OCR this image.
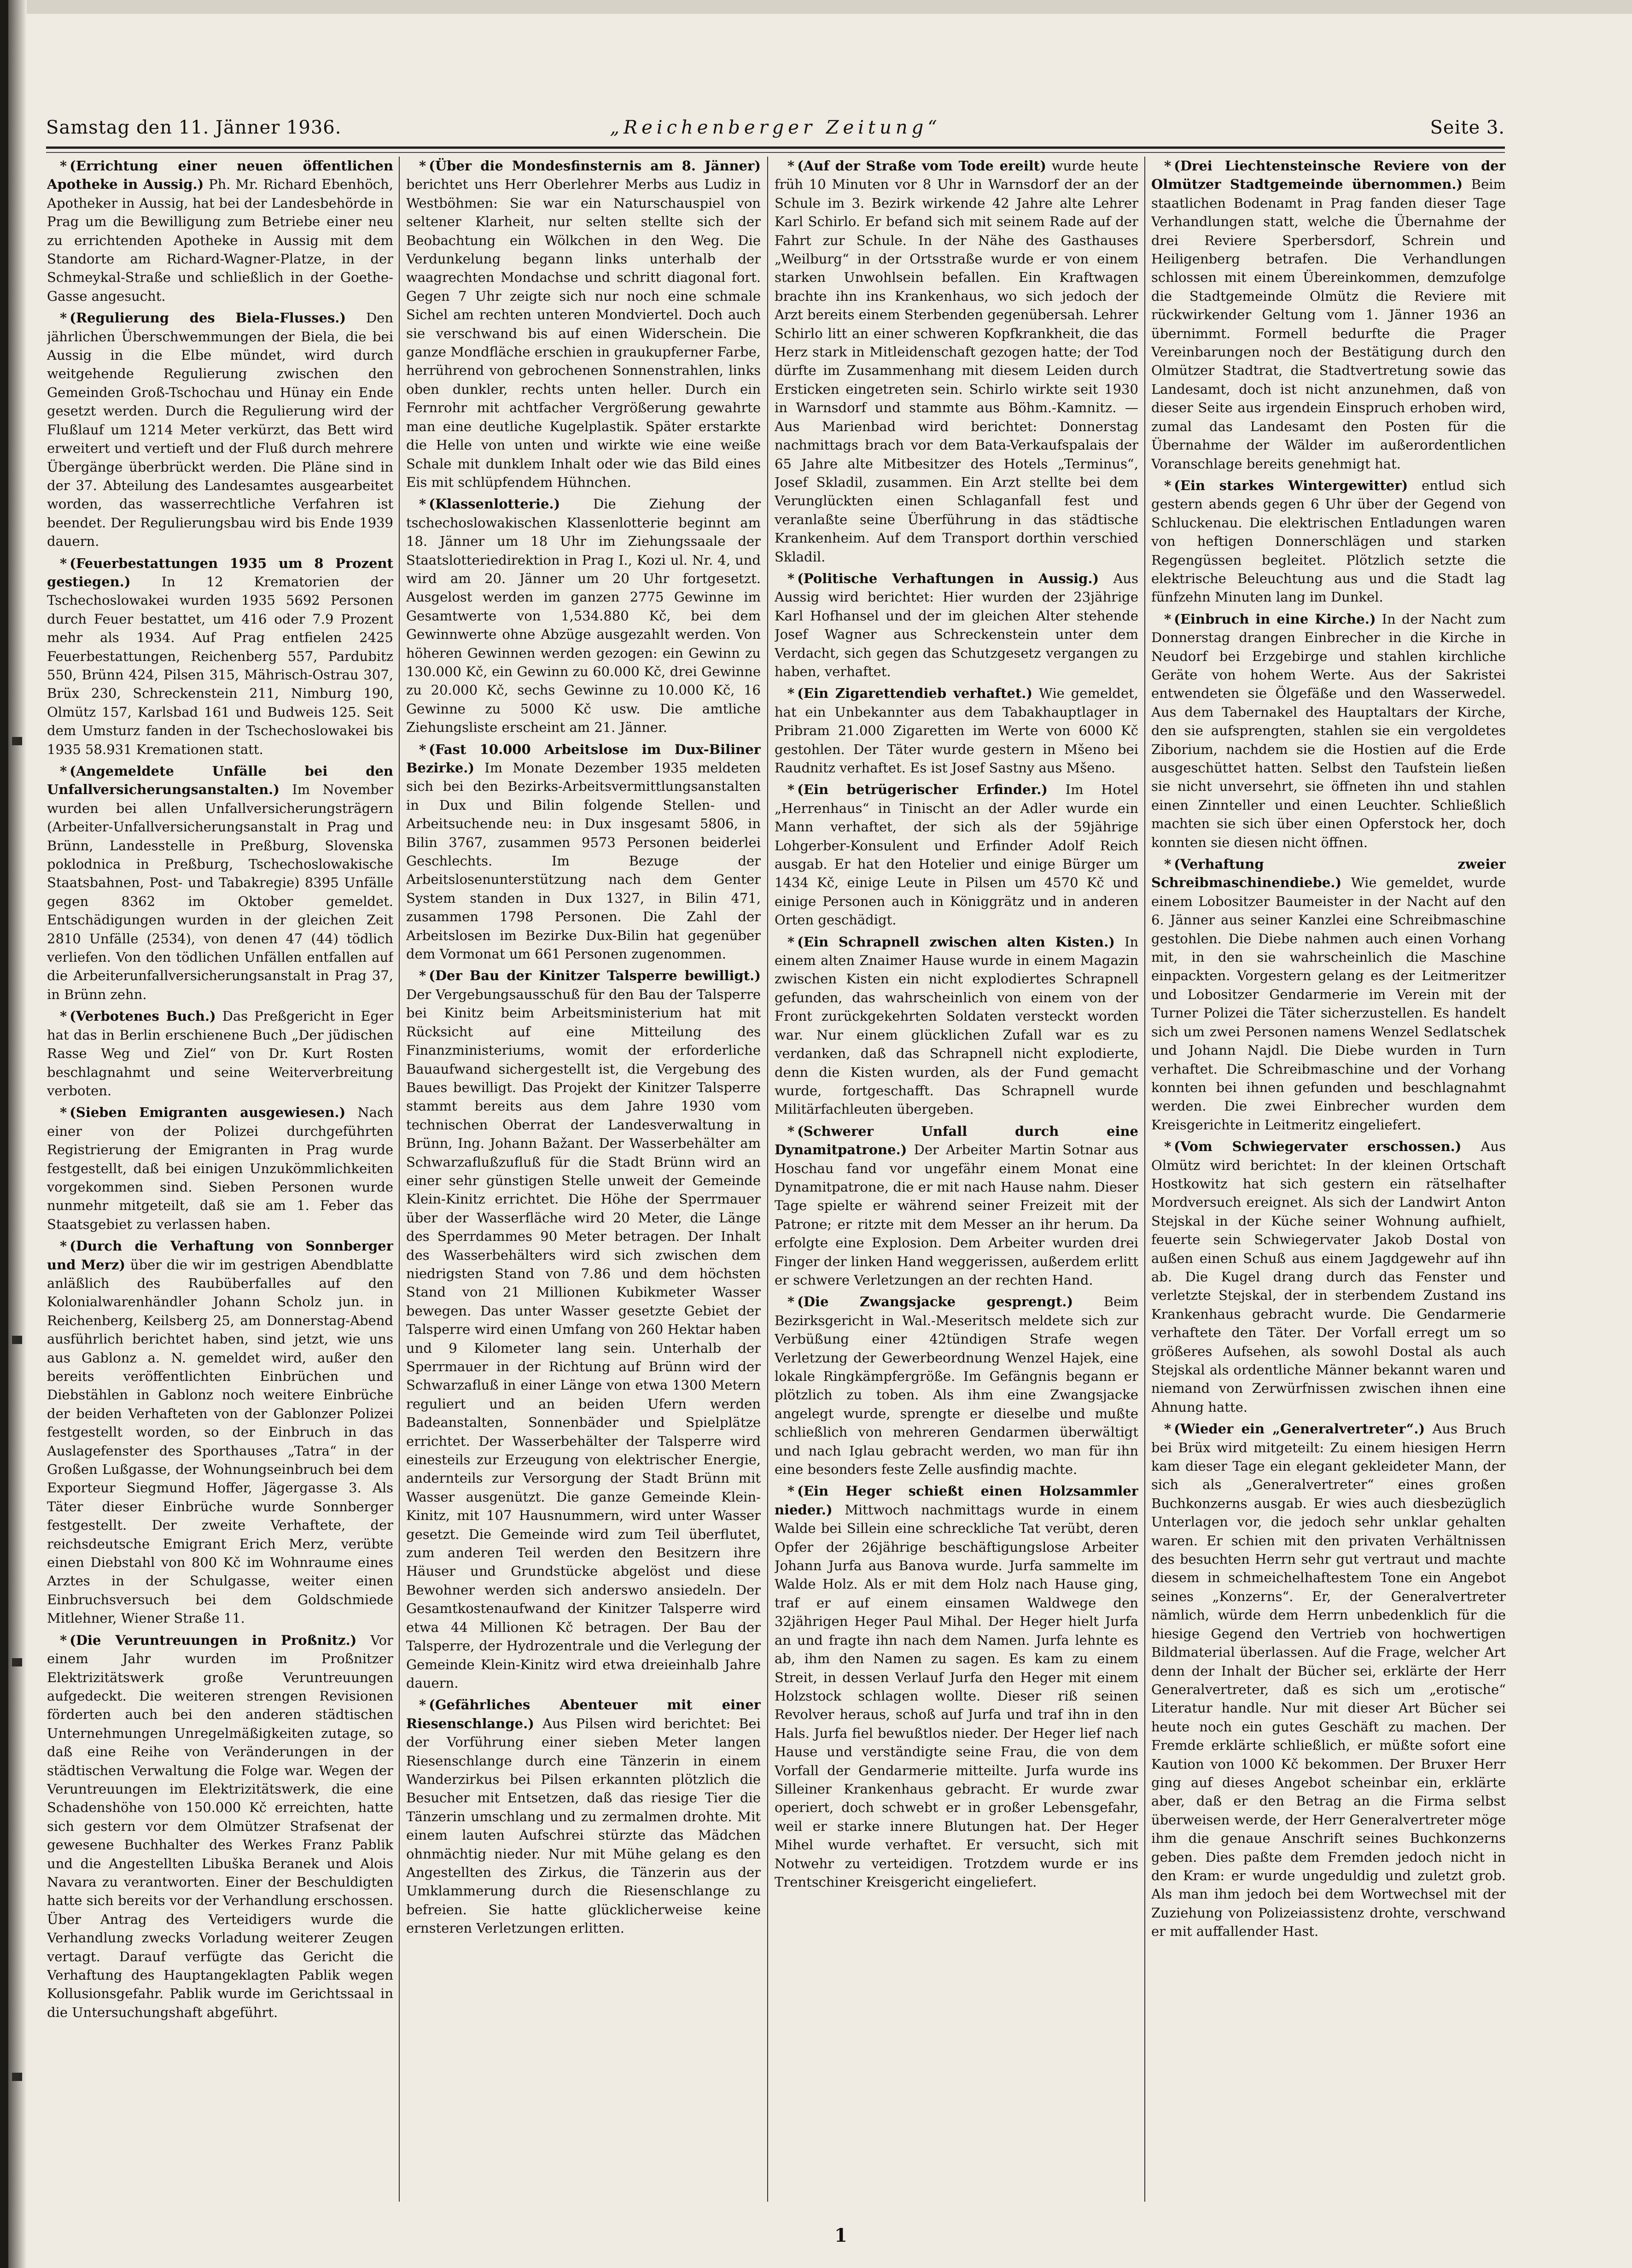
Samstag den 11. Jänner 1936.	„Reichenberger Zeitung“	Seite 3.

* (Errichtung einer neuen öffentlichen Apotheke in Aussig.) Ph. Mr. Richard Ebenhöch, Apotheker in Aussig, hat bei der Landesbehörde in Prag um die Bewilligung zum Betriebe einer neu zu errichtenden Apotheke in Aussig mit dem Standorte am Richard-Wagner-Platze, in der Schmeykal-Straße und schließlich in der Goethe-Gasse angesucht.

* (Regulierung des Biela-Flusses.) Den jährlichen Überschwemmungen der Biela, die bei Aussig in die Elbe mündet, wird durch weitgehende Regulierung zwischen den Gemeinden Groß-Tschochau und Hünay ein Ende gesetzt werden. Durch die Regulierung wird der Flußlauf um 1214 Meter verkürzt, das Bett wird erweitert und vertieft und der Fluß durch mehrere Übergänge überbrückt werden. Die Pläne sind in der 37. Abteilung des Landesamtes ausgearbeitet worden, das wasserrechtliche Verfahren ist beendet. Der Regulierungsbau wird bis Ende 1939 dauern.

* (Feuerbestattungen 1935 um 8 Prozent gestiegen.) In 12 Krematorien der Tschechoslowakei wurden 1935 5692 Personen durch Feuer bestattet, um 416 oder 7.9 Prozent mehr als 1934. Auf Prag entfielen 2425 Feuerbestattungen, Reichenberg 557, Pardubitz 550, Brünn 424, Pilsen 315, Mährisch-Ostrau 307, Brüx 230, Schreckenstein 211, Nimburg 190, Olmütz 157, Karlsbad 161 und Budweis 125. Seit dem Umsturz fanden in der Tschechoslowakei bis 1935 58.931 Kremationen statt.

* (Angemeldete Unfälle bei den Unfallversicherungsanstalten.) Im November wurden bei allen Unfallversicherungsträgern (Arbeiter-Unfallversicherungsanstalt in Prag und Brünn, Landesstelle in Preßburg, Slovenska poklodnica in Preßburg, Tschechoslowakische Staatsbahnen, Post- und Tabakregie) 8395 Unfälle gegen 8362 im Oktober gemeldet. Entschädigungen wurden in der gleichen Zeit 2810 Unfälle (2534), von denen 47 (44) tödlich verliefen. Von den tödlichen Unfällen entfallen auf die Arbeiterunfallversicherungsanstalt in Prag 37, in Brünn zehn.

* (Verbotenes Buch.) Das Preßgericht in Eger hat das in Berlin erschienene Buch „Der jüdischen Rasse Weg und Ziel“ von Dr. Kurt Rosten beschlagnahmt und seine Weiterverbreitung verboten.

* (Sieben Emigranten ausgewiesen.) Nach einer von der Polizei durchgeführten Registrierung der Emigranten in Prag wurde festgestellt, daß bei einigen Unzukömmlichkeiten vorgekommen sind. Sieben Personen wurde nunmehr mitgeteilt, daß sie am 1. Feber das Staatsgebiet zu verlassen haben.

* (Durch die Verhaftung von Sonnberger und Merz) über die wir im gestrigen Abendblatte anläßlich des Raubüberfalles auf den Kolonialwarenhändler Johann Scholz jun. in Reichenberg, Keilsberg 25, am Donnerstag-Abend ausführlich berichtet haben, sind jetzt, wie uns aus Gablonz a. N. gemeldet wird, außer den bereits veröffentlichten Einbrüchen und Diebstählen in Gablonz noch weitere Einbrüche der beiden Verhafteten von der Gablonzer Polizei festgestellt worden, so der Einbruch in das Auslagefenster des Sporthauses „Tatra“ in der Großen Lußgasse, der Wohnungseinbruch bei dem Exporteur Siegmund Hoffer, Jägergasse 3. Als Täter dieser Einbrüche wurde Sonnberger festgestellt. Der zweite Verhaftete, der reichsdeutsche Emigrant Erich Merz, verübte einen Diebstahl von 800 Kč im Wohnraume eines Arztes in der Schulgasse, weiter einen Einbruchsversuch bei dem Goldschmiede Mitlehner, Wiener Straße 11.

* (Die Veruntreuungen in Proßnitz.) Vor einem Jahr wurden im Proßnitzer Elektrizitätswerk große Veruntreuungen aufgedeckt. Die weiteren strengen Revisionen förderten auch bei den anderen städtischen Unternehmungen Unregelmäßigkeiten zutage, so daß eine Reihe von Veränderungen in der städtischen Verwaltung die Folge war. Wegen der Veruntreuungen im Elektrizitätswerk, die eine Schadenshöhe von 150.000 Kč erreichten, hatte sich gestern vor dem Olmützer Strafsenat der gewesene Buchhalter des Werkes Franz Pablik und die Angestellten Libuška Beranek und Alois Navara zu verantworten. Einer der Beschuldigten hatte sich bereits vor der Verhandlung erschossen. Über Antrag des Verteidigers wurde die Verhandlung zwecks Vorladung weiterer Zeugen vertagt. Darauf verfügte das Gericht die Verhaftung des Hauptangeklagten Pablik wegen Kollusionsgefahr. Pablik wurde im Gerichtssaal in die Untersuchungshaft abgeführt.

* (Über die Mondesfinsternis am 8. Jänner) berichtet uns Herr Oberlehrer Merbs aus Ludiz in Westböhmen: Sie war ein Naturschauspiel von seltener Klarheit, nur selten stellte sich der Beobachtung ein Wölkchen in den Weg. Die Verdunkelung begann links unterhalb der waagrechten Mondachse und schritt diagonal fort. Gegen 7 Uhr zeigte sich nur noch eine schmale Sichel am rechten unteren Mondviertel. Doch auch sie verschwand bis auf einen Widerschein. Die ganze Mondfläche erschien in graukupferner Farbe, herrührend von gebrochenen Sonnenstrahlen, links oben dunkler, rechts unten heller. Durch ein Fernrohr mit achtfacher Vergrößerung gewahrte man eine deutliche Kugelplastik. Später erstarkte die Helle von unten und wirkte wie eine weiße Schale mit dunklem Inhalt oder wie das Bild eines Eis mit schlüpfendem Hühnchen.

* (Klassenlotterie.) Die Ziehung der tschechoslowakischen Klassenlotterie beginnt am 18. Jänner um 18 Uhr im Ziehungssaale der Staatslotteriedirektion in Prag I., Kozi ul. Nr. 4, und wird am 20. Jänner um 20 Uhr fortgesetzt. Ausgelost werden im ganzen 2775 Gewinne im Gesamtwerte von 1,534.880 Kč, bei dem Gewinnwerte ohne Abzüge ausgezahlt werden. Von höheren Gewinnen werden gezogen: ein Gewinn zu 130.000 Kč, ein Gewinn zu 60.000 Kč, drei Gewinne zu 20.000 Kč, sechs Gewinne zu 10.000 Kč, 16 Gewinne zu 5000 Kč usw. Die amtliche Ziehungsliste erscheint am 21. Jänner.

* (Fast 10.000 Arbeitslose im Dux-Biliner Bezirke.) Im Monate Dezember 1935 meldeten sich bei den Bezirks-Arbeitsvermittlungsanstalten in Dux und Bilin folgende Stellen- und Arbeitsuchende neu: in Dux insgesamt 5806, in Bilin 3767, zusammen 9573 Personen beiderlei Geschlechts. Im Bezuge der Arbeitslosenunterstützung nach dem Genter System standen in Dux 1327, in Bilin 471, zusammen 1798 Personen. Die Zahl der Arbeitslosen im Bezirke Dux-Bilin hat gegenüber dem Vormonat um 661 Personen zugenommen.

* (Der Bau der Kinitzer Talsperre bewilligt.) Der Vergebungsausschuß für den Bau der Talsperre bei Kinitz beim Arbeitsministerium hat mit Rücksicht auf eine Mitteilung des Finanzministeriums, womit der erforderliche Bauaufwand sichergestellt ist, die Vergebung des Baues bewilligt. Das Projekt der Kinitzer Talsperre stammt bereits aus dem Jahre 1930 vom technischen Oberrat der Landesverwaltung in Brünn, Ing. Johann Bažant. Der Wasserbehälter am Schwarzaflußzufluß für die Stadt Brünn wird an einer sehr günstigen Stelle unweit der Gemeinde Klein-Kinitz errichtet. Die Höhe der Sperrmauer über der Wasserfläche wird 20 Meter, die Länge des Sperrdammes 90 Meter betragen. Der Inhalt des Wasserbehälters wird sich zwischen dem niedrigsten Stand von 7.86 und dem höchsten Stand von 21 Millionen Kubikmeter Wasser bewegen. Das unter Wasser gesetzte Gebiet der Talsperre wird einen Umfang von 260 Hektar haben und 9 Kilometer lang sein. Unterhalb der Sperrmauer in der Richtung auf Brünn wird der Schwarzafluß in einer Länge von etwa 1300 Metern reguliert und an beiden Ufern werden Badeanstalten, Sonnenbäder und Spielplätze errichtet. Der Wasserbehälter der Talsperre wird einesteils zur Erzeugung von elektrischer Energie, andernteils zur Versorgung der Stadt Brünn mit Wasser ausgenützt. Die ganze Gemeinde Klein-Kinitz, mit 107 Hausnummern, wird unter Wasser gesetzt. Die Gemeinde wird zum Teil überflutet, zum anderen Teil werden den Besitzern ihre Häuser und Grundstücke abgelöst und diese Bewohner werden sich anderswo ansiedeln. Der Gesamtkostenaufwand der Kinitzer Talsperre wird etwa 44 Millionen Kč betragen. Der Bau der Talsperre, der Hydrozentrale und die Verlegung der Gemeinde Klein-Kinitz wird etwa dreieinhalb Jahre dauern.

* (Gefährliches Abenteuer mit einer Riesenschlange.) Aus Pilsen wird berichtet: Bei der Vorführung einer sieben Meter langen Riesenschlange durch eine Tänzerin in einem Wanderzirkus bei Pilsen erkannten plötzlich die Besucher mit Entsetzen, daß das riesige Tier die Tänzerin umschlang und zu zermalmen drohte. Mit einem lauten Aufschrei stürzte das Mädchen ohnmächtig nieder. Nur mit Mühe gelang es den Angestellten des Zirkus, die Tänzerin aus der Umklammerung durch die Riesenschlange zu befreien. Sie hatte glücklicherweise keine ernsteren Verletzungen erlitten.

* (Auf der Straße vom Tode ereilt) wurde heute früh 10 Minuten vor 8 Uhr in Warnsdorf der an der Schule im 3. Bezirk wirkende 42 Jahre alte Lehrer Karl Schirlo. Er befand sich mit seinem Rade auf der Fahrt zur Schule. In der Nähe des Gasthauses „Weilburg“ in der Ortsstraße wurde er von einem starken Unwohlsein befallen. Ein Kraftwagen brachte ihn ins Krankenhaus, wo sich jedoch der Arzt bereits einem Sterbenden gegenübersah. Lehrer Schirlo litt an einer schweren Kopfkrankheit, die das Herz stark in Mitleidenschaft gezogen hatte; der Tod dürfte im Zusammenhang mit diesem Leiden durch Ersticken eingetreten sein. Schirlo wirkte seit 1930 in Warnsdorf und stammte aus Böhm.-Kamnitz. — Aus Marienbad wird berichtet: Donnerstag nachmittags brach vor dem Bata-Verkaufspalais der 65 Jahre alte Mitbesitzer des Hotels „Terminus“, Josef Skladil, zusammen. Ein Arzt stellte bei dem Verunglückten einen Schlaganfall fest und veranlaßte seine Überführung in das städtische Krankenheim. Auf dem Transport dorthin verschied Skladil.

* (Politische Verhaftungen in Aussig.) Aus Aussig wird berichtet: Hier wurden der 23jährige Karl Hofhansel und der im gleichen Alter stehende Josef Wagner aus Schreckenstein unter dem Verdacht, sich gegen das Schutzgesetz vergangen zu haben, verhaftet.

* (Ein Zigarettendieb verhaftet.) Wie gemeldet, hat ein Unbekannter aus dem Tabakhauptlager in Pribram 21.000 Zigaretten im Werte von 6000 Kč gestohlen. Der Täter wurde gestern in Mšeno bei Raudnitz verhaftet. Es ist Josef Sastny aus Mšeno.

* (Ein betrügerischer Erfinder.) Im Hotel „Herrenhaus“ in Tinischt an der Adler wurde ein Mann verhaftet, der sich als der 59jährige Lohgerber-Konsulent und Erfinder Adolf Reich ausgab. Er hat den Hotelier und einige Bürger um 1434 Kč, einige Leute in Pilsen um 4570 Kč und einige Personen auch in Königgrätz und in anderen Orten geschädigt.

* (Ein Schrapnell zwischen alten Kisten.) In einem alten Znaimer Hause wurde in einem Magazin zwischen Kisten ein nicht explodiertes Schrapnell gefunden, das wahrscheinlich von einem von der Front zurückgekehrten Soldaten versteckt worden war. Nur einem glücklichen Zufall war es zu verdanken, daß das Schrapnell nicht explodierte, denn die Kisten wurden, als der Fund gemacht wurde, fortgeschafft. Das Schrapnell wurde Militärfachleuten übergeben.

* (Schwerer Unfall durch eine Dynamitpatrone.) Der Arbeiter Martin Sotnar aus Hoschau fand vor ungefähr einem Monat eine Dynamitpatrone, die er mit nach Hause nahm. Dieser Tage spielte er während seiner Freizeit mit der Patrone; er ritzte mit dem Messer an ihr herum. Da erfolgte eine Explosion. Dem Arbeiter wurden drei Finger der linken Hand weggerissen, außerdem erlitt er schwere Verletzungen an der rechten Hand.

* (Die Zwangsjacke gesprengt.) Beim Bezirksgericht in Wal.-Meseritsch meldete sich zur Verbüßung einer 42tündigen Strafe wegen Verletzung der Gewerbeordnung Wenzel Hajek, eine lokale Ringkämpfergröße. Im Gefängnis begann er plötzlich zu toben. Als ihm eine Zwangsjacke angelegt wurde, sprengte er dieselbe und mußte schließlich von mehreren Gendarmen überwältigt und nach Iglau gebracht werden, wo man für ihn eine besonders feste Zelle ausfindig machte.

* (Ein Heger schießt einen Holzsammler nieder.) Mittwoch nachmittags wurde in einem Walde bei Sillein eine schreckliche Tat verübt, deren Opfer der 26jährige beschäftigungslose Arbeiter Johann Jurfa aus Banova wurde. Jurfa sammelte im Walde Holz. Als er mit dem Holz nach Hause ging, traf er auf einem einsamen Waldwege den 32jährigen Heger Paul Mihal. Der Heger hielt Jurfa an und fragte ihn nach dem Namen. Jurfa lehnte es ab, ihm den Namen zu sagen. Es kam zu einem Streit, in dessen Verlauf Jurfa den Heger mit einem Holzstock schlagen wollte. Dieser riß seinen Revolver heraus, schoß auf Jurfa und traf ihn in den Hals. Jurfa fiel bewußtlos nieder. Der Heger lief nach Hause und verständigte seine Frau, die von dem Vorfall der Gendarmerie mitteilte. Jurfa wurde ins Silleiner Krankenhaus gebracht. Er wurde zwar operiert, doch schwebt er in großer Lebensgefahr, weil er starke innere Blutungen hat. Der Heger Mihel wurde verhaftet. Er versucht, sich mit Notwehr zu verteidigen. Trotzdem wurde er ins Trentschiner Kreisgericht eingeliefert.

* (Drei Liechtensteinsche Reviere von der Olmützer Stadtgemeinde übernommen.) Beim staatlichen Bodenamt in Prag fanden dieser Tage Verhandlungen statt, welche die Übernahme der drei Reviere Sperbersdorf, Schrein und Heiligenberg betrafen. Die Verhandlungen schlossen mit einem Übereinkommen, demzufolge die Stadtgemeinde Olmütz die Reviere mit rückwirkender Geltung vom 1. Jänner 1936 an übernimmt. Formell bedurfte die Prager Vereinbarungen noch der Bestätigung durch den Olmützer Stadtrat, die Stadtvertretung sowie das Landesamt, doch ist nicht anzunehmen, daß von dieser Seite aus irgendein Einspruch erhoben wird, zumal das Landesamt den Posten für die Übernahme der Wälder im außerordentlichen Voranschlage bereits genehmigt hat.

* (Ein starkes Wintergewitter) entlud sich gestern abends gegen 6 Uhr über der Gegend von Schluckenau. Die elektrischen Entladungen waren von heftigen Donnerschlägen und starken Regengüssen begleitet. Plötzlich setzte die elektrische Beleuchtung aus und die Stadt lag fünfzehn Minuten lang im Dunkel.

* (Einbruch in eine Kirche.) In der Nacht zum Donnerstag drangen Einbrecher in die Kirche in Neudorf bei Erzgebirge und stahlen kirchliche Geräte von hohem Werte. Aus der Sakristei entwendeten sie Ölgefäße und den Wasserwedel. Aus dem Tabernakel des Hauptaltars der Kirche, den sie aufsprengten, stahlen sie ein vergoldetes Ziborium, nachdem sie die Hostien auf die Erde ausgeschüttet hatten. Selbst den Taufstein ließen sie nicht unversehrt, sie öffneten ihn und stahlen einen Zinnteller und einen Leuchter. Schließlich machten sie sich über einen Opferstock her, doch konnten sie diesen nicht öffnen.

* (Verhaftung zweier Schreibmaschinendiebe.) Wie gemeldet, wurde einem Lobositzer Baumeister in der Nacht auf den 6. Jänner aus seiner Kanzlei eine Schreibmaschine gestohlen. Die Diebe nahmen auch einen Vorhang mit, in den sie wahrscheinlich die Maschine einpackten. Vorgestern gelang es der Leitmeritzer und Lobositzer Gendarmerie im Verein mit der Turner Polizei die Täter sicherzustellen. Es handelt sich um zwei Personen namens Wenzel Sedlatschek und Johann Najdl. Die Diebe wurden in Turn verhaftet. Die Schreibmaschine und der Vorhang konnten bei ihnen gefunden und beschlagnahmt werden. Die zwei Einbrecher wurden dem Kreisgerichte in Leitmeritz eingeliefert.

* (Vom Schwiegervater erschossen.) Aus Olmütz wird berichtet: In der kleinen Ortschaft Hostkowitz hat sich gestern ein rätselhafter Mordversuch ereignet. Als sich der Landwirt Anton Stejskal in der Küche seiner Wohnung aufhielt, feuerte sein Schwiegervater Jakob Dostal von außen einen Schuß aus einem Jagdgewehr auf ihn ab. Die Kugel drang durch das Fenster und verletzte Stejskal, der in sterbendem Zustand ins Krankenhaus gebracht wurde. Die Gendarmerie verhaftete den Täter. Der Vorfall erregt um so größeres Aufsehen, als sowohl Dostal als auch Stejskal als ordentliche Männer bekannt waren und niemand von Zerwürfnissen zwischen ihnen eine Ahnung hatte.

* (Wieder ein „Generalvertreter“.) Aus Bruch bei Brüx wird mitgeteilt: Zu einem hiesigen Herrn kam dieser Tage ein elegant gekleideter Mann, der sich als „Generalvertreter“ eines großen Buchkonzerns ausgab. Er wies auch diesbezüglich Unterlagen vor, die jedoch sehr unklar gehalten waren. Er schien mit den privaten Verhältnissen des besuchten Herrn sehr gut vertraut und machte diesem in schmeichelhaftestem Tone ein Angebot seines „Konzerns“. Er, der Generalvertreter nämlich, würde dem Herrn unbedenklich für die hiesige Gegend den Vertrieb von hochwertigen Bildmaterial überlassen. Auf die Frage, welcher Art denn der Inhalt der Bücher sei, erklärte der Herr Generalvertreter, daß es sich um „erotische“ Literatur handle. Nur mit dieser Art Bücher sei heute noch ein gutes Geschäft zu machen. Der Fremde erklärte schließlich, er müßte sofort eine Kaution von 1000 Kč bekommen. Der Bruxer Herr ging auf dieses Angebot scheinbar ein, erklärte aber, daß er den Betrag an die Firma selbst überweisen werde, der Herr Generalvertreter möge ihm die genaue Anschrift seines Buchkonzerns geben. Dies paßte dem Fremden jedoch nicht in den Kram: er wurde ungeduldig und zuletzt grob. Als man ihm jedoch bei dem Wortwechsel mit der Zuziehung von Polizeiassistenz drohte, verschwand er mit auffallender Hast.

1
